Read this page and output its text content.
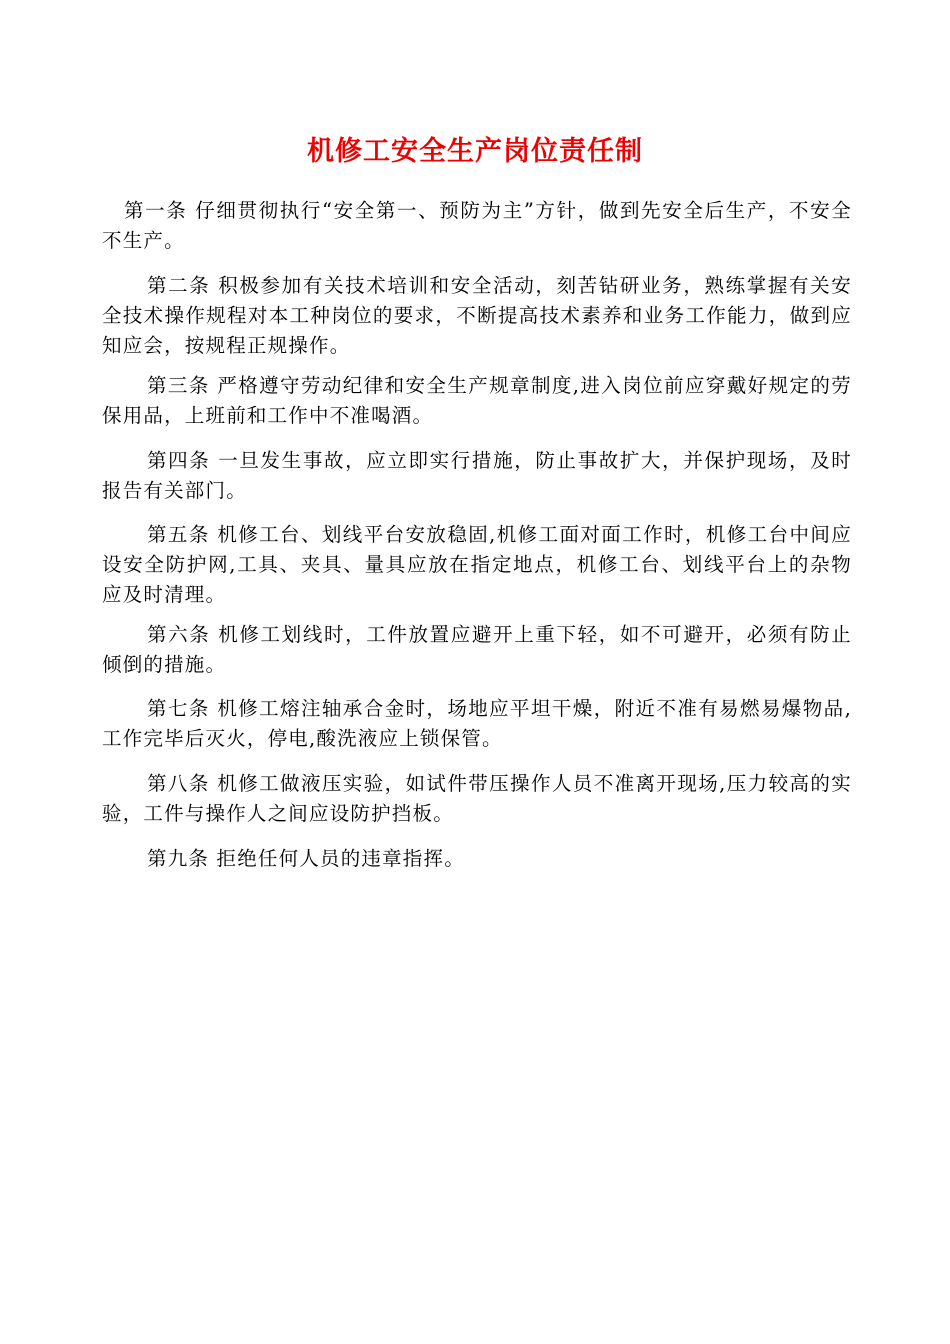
机修工安全生产岗位责任制

第一条 仔细贯彻执行“安全第一、预防为主”方针，做到先安全后生产，不安全不生产。

第二条 积极参加有关技术培训和安全活动，刻苦钻研业务，熟练掌握有关安全技术操作规程对本工种岗位的要求，不断提高技术素养和业务工作能力，做到应知应会，按规程正规操作。

第三条 严格遵守劳动纪律和安全生产规章制度,进入岗位前应穿戴好规定的劳保用品，上班前和工作中不准喝酒。

第四条 一旦发生事故，应立即实行措施，防止事故扩大，并保护现场，及时报告有关部门。

第五条 机修工台、划线平台安放稳固,机修工面对面工作时，机修工台中间应设安全防护网,工具、夹具、量具应放在指定地点，机修工台、划线平台上的杂物应及时清理。

第六条 机修工划线时，工件放置应避开上重下轻，如不可避开，必须有防止倾倒的措施。

第七条 机修工熔注轴承合金时，场地应平坦干燥，附近不准有易燃易爆物品,工作完毕后灭火，停电,酸洗液应上锁保管。

第八条 机修工做液压实验，如试件带压操作人员不准离开现场,压力较高的实验，工件与操作人之间应设防护挡板。

第九条 拒绝任何人员的违章指挥。
